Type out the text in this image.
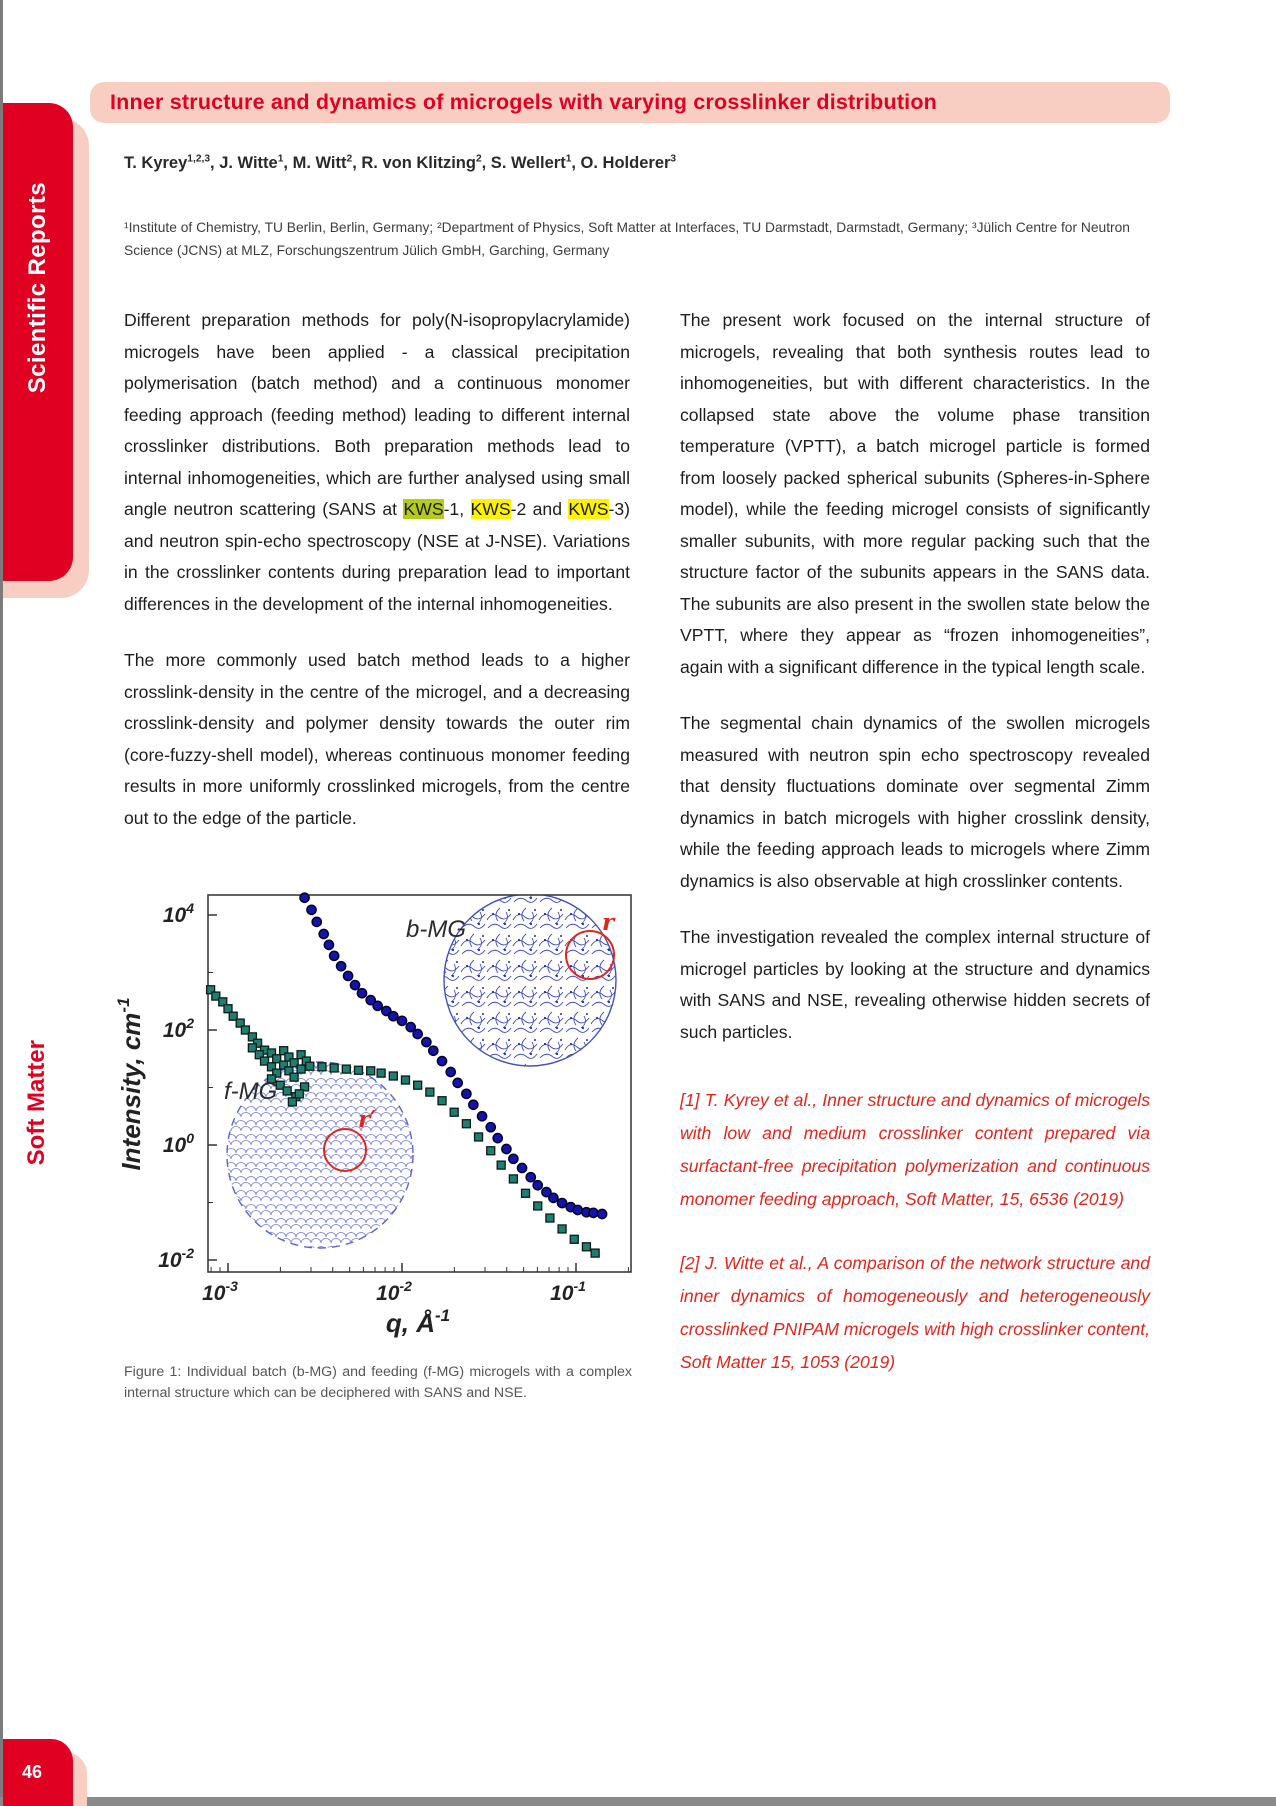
Scientific Reports
Soft Matter
Inner structure and dynamics of microgels with varying crosslinker distribution
T. Kyrey$^{1,2,3}$, J. Witte$^1$, M. Witt$^2$, R. von Klitzing$^2$, S. Wellert$^1$, O. Holderer$^3$
¹Institute of Chemistry, TU Berlin, Berlin, Germany; ²Department of Physics, Soft Matter at Interfaces, TU Darmstadt, Darmstadt, Germany; ³Jülich Centre for Neutron Science (JCNS) at MLZ, Forschungszentrum Jülich GmbH, Garching, Germany

Different preparation methods for poly(N-isopropylacrylamide) microgels have been applied - a classical precipitation polymerisation (batch method) and a continuous monomer feeding approach (feeding method) leading to different internal crosslinker distributions. Both preparation methods lead to internal inhomogeneities, which are further analysed using small angle neutron scattering (SANS at KWS-1, KWS-2 and KWS-3) and neutron spin-echo spectroscopy (NSE at J-NSE). Variations in the crosslinker contents during preparation lead to important differences in the development of the internal inhomogeneities.

The more commonly used batch method leads to a higher crosslink-density in the centre of the microgel, and a decreasing crosslink-density and polymer density towards the outer rim (core-fuzzy-shell model), whereas continuous monomer feeding results in more uniformly crosslinked microgels, from the centre out to the edge of the particle.

The present work focused on the internal structure of microgels, revealing that both synthesis routes lead to inhomogeneities, but with different characteristics. In the collapsed state above the volume phase transition temperature (VPTT), a batch microgel particle is formed from loosely packed spherical subunits (Spheres-in-Sphere model), while the feeding microgel consists of significantly smaller subunits, with more regular packing such that the structure factor of the subunits appears in the SANS data. The subunits are also present in the swollen state below the VPTT, where they appear as “frozen inhomogeneities”, again with a significant difference in the typical length scale.

The segmental chain dynamics of the swollen microgels measured with neutron spin echo spectroscopy revealed that density fluctuations dominate over segmental Zimm dynamics in batch microgels with higher crosslink density, while the feeding approach leads to microgels where Zimm dynamics is also observable at high crosslinker contents.

The investigation revealed the complex internal structure of microgel particles by looking at the structure and dynamics with SANS and NSE, revealing otherwise hidden secrets of such particles.

[1] T. Kyrey et al., Inner structure and dynamics of microgels with low and medium crosslinker content prepared via surfactant-free precipitation polymerization and continuous monomer feeding approach, Soft Matter, 15, 6536 (2019)

[2] J. Witte et al., A comparison of the network structure and inner dynamics of homogeneously and heterogeneously crosslinked PNIPAM microgels with high crosslinker content, Soft Matter 15, 1053 (2019)

$10^{-3}$	$10^{-2}$	$10^{-1}$
$10^4$
$10^2$
$10^0$
$10^{-2}$
q, $Å^{-1}$
Intensity, $cm^{-1}$
b-MG
f-MG
r
r′
Figure 1: Individual batch (b-MG) and feeding (f-MG) microgels with a complex internal structure which can be deciphered with SANS and NSE.
46
